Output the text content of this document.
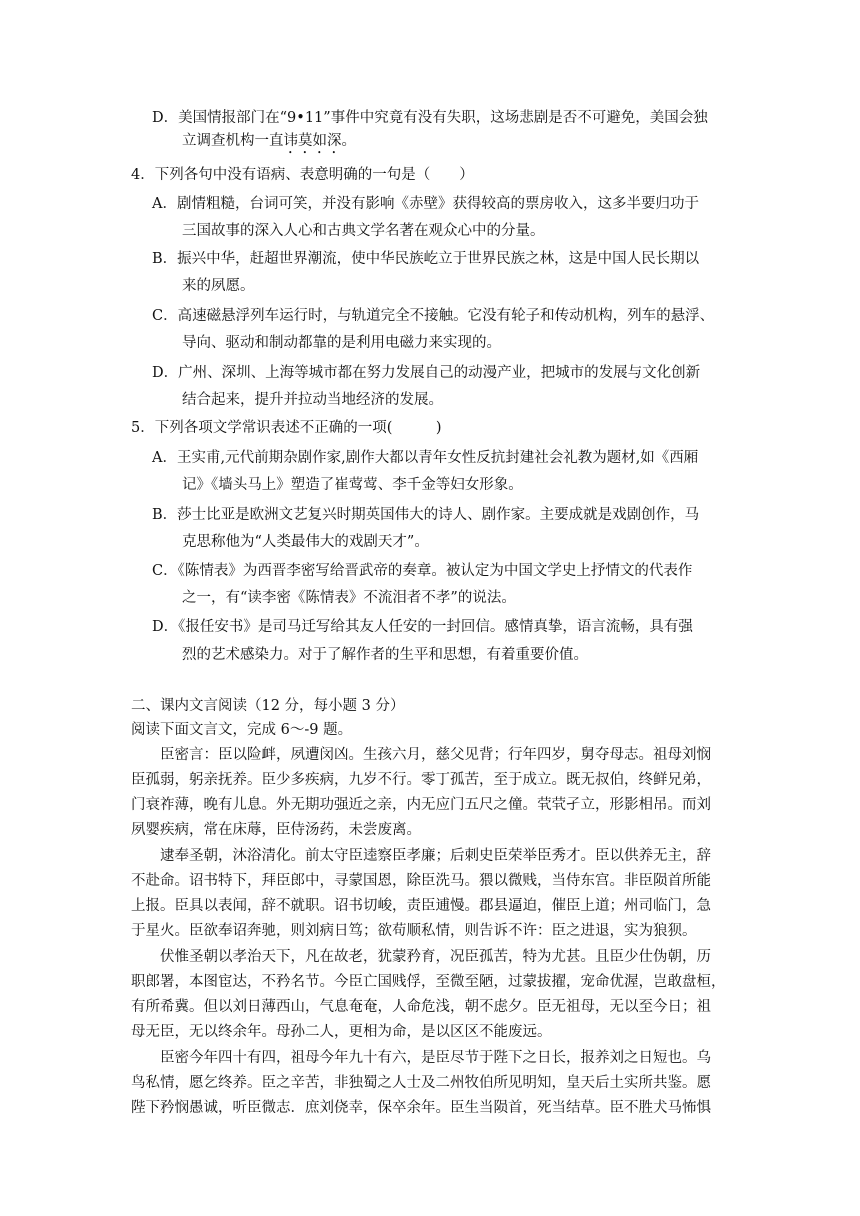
D．美国情报部门在“9•11”事件中究竟有没有失职，这场悲剧是否不可避免，美国会独
立调查机构一直讳莫如深。
4．下列各句中没有语病、表意明确的一句是（　　）
A．剧情粗糙，台词可笑，并没有影响《赤壁》获得较高的票房收入，这多半要归功于
三国故事的深入人心和古典文学名著在观众心中的分量。
B．振兴中华，赶超世界潮流，使中华民族屹立于世界民族之林，这是中国人民长期以
来的夙愿。
C．高速磁悬浮列车运行时，与轨道完全不接触。它没有轮子和传动机构，列车的悬浮、
导向、驱动和制动都靠的是利用电磁力来实现的。
D．广州、深圳、上海等城市都在努力发展自己的动漫产业，把城市的发展与文化创新
结合起来，提升并拉动当地经济的发展。
5．下列各项文学常识表述不正确的一项(　　　)
A．王实甫,元代前期杂剧作家,剧作大都以青年女性反抗封建社会礼教为题材,如《西厢
记》《墙头马上》塑造了崔莺莺、李千金等妇女形象。
B．莎士比亚是欧洲文艺复兴时期英国伟大的诗人、剧作家。主要成就是戏剧创作，马
克思称他为“人类最伟大的戏剧天才”。
C．《陈情表》为西晋李密写给晋武帝的奏章。被认定为中国文学史上抒情文的代表作
之一，有“读李密《陈情表》不流泪者不孝”的说法。
D．《报任安书》是司马迁写给其友人任安的一封回信。感情真挚，语言流畅，具有强
烈的艺术感染力。对于了解作者的生平和思想，有着重要价值。
二、课内文言阅读（12 分，每小题 3 分）
阅读下面文言文，完成 6～-9 题。
臣密言：臣以险衅，夙遭闵凶。生孩六月，慈父见背；行年四岁，舅夺母志。祖母刘悯
臣孤弱，躬亲抚养。臣少多疾病，九岁不行。零丁孤苦，至于成立。既无叔伯，终鲜兄弟，
门衰祚薄，晚有儿息。外无期功强近之亲，内无应门五尺之僮。茕茕孑立，形影相吊。而刘
夙婴疾病，常在床蓐，臣侍汤药，未尝废离。
逮奉圣朝，沐浴清化。前太守臣逵察臣孝廉；后刺史臣荣举臣秀才。臣以供养无主，辞
不赴命。诏书特下，拜臣郎中，寻蒙国恩，除臣洗马。猥以微贱，当侍东宫。非臣陨首所能
上报。臣具以表闻，辞不就职。诏书切峻，责臣逋慢。郡县逼迫，催臣上道；州司临门，急
于星火。臣欲奉诏奔驰，则刘病日笃；欲苟顺私情，则告诉不许：臣之进退，实为狼狈。
伏惟圣朝以孝治天下，凡在故老，犹蒙矜育，况臣孤苦，特为尤甚。且臣少仕伪朝，历
职郎署，本图宦达，不矜名节。今臣亡国贱俘，至微至陋，过蒙拔擢，宠命优渥，岂敢盘桓，
有所希冀。但以刘日薄西山，气息奄奄，人命危浅，朝不虑夕。臣无祖母，无以至今日；祖
母无臣，无以终余年。母孙二人，更相为命，是以区区不能废远。
臣密今年四十有四，祖母今年九十有六，是臣尽节于陛下之日长，报养刘之日短也。乌
鸟私情，愿乞终养。臣之辛苦，非独蜀之人士及二州牧伯所见明知，皇天后土实所共鉴。愿
陛下矜悯愚诚，听臣微志．庶刘侥幸，保卒余年。臣生当陨首，死当结草。臣不胜犬马怖惧
